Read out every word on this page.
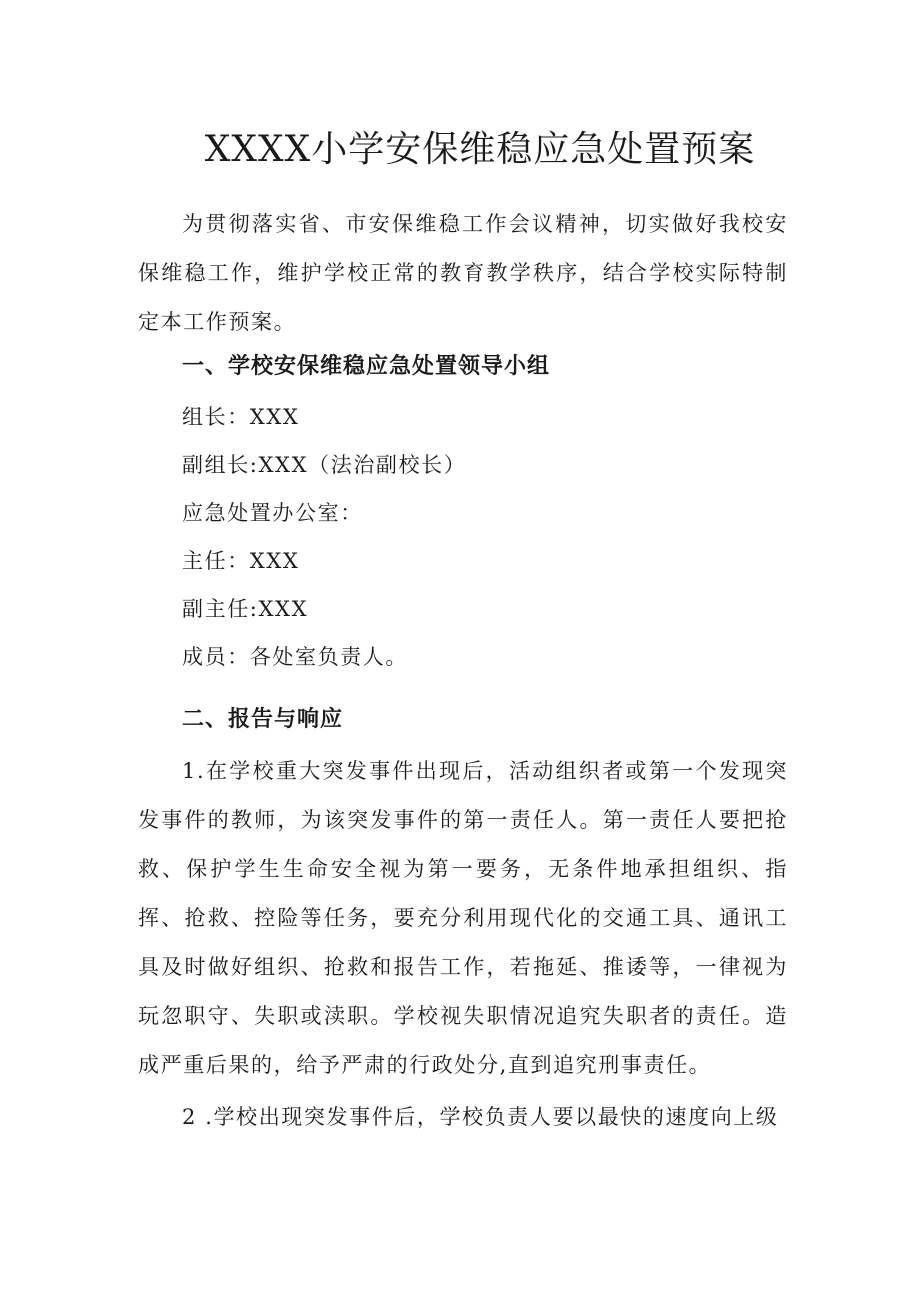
XXXX小学安保维稳应急处置预案

为贯彻落实省、市安保维稳工作会议精神，切实做好我校安保维稳工作，维护学校正常的教育教学秩序，结合学校实际特制定本工作预案。

一、学校安保维稳应急处置领导小组

组长：XXX

副组长:XXX（法治副校长）

应急处置办公室：

主任：XXX

副主任:XXX

成员：各处室负责人。

二、报告与响应

1.在学校重大突发事件出现后，活动组织者或第一个发现突发事件的教师，为该突发事件的第一责任人。第一责任人要把抢救、保护学生生命安全视为第一要务，无条件地承担组织、指挥、抢救、控险等任务，要充分利用现代化的交通工具、通讯工具及时做好组织、抢救和报告工作，若拖延、推诿等，一律视为玩忽职守、失职或渎职。学校视失职情况追究失职者的责任。造成严重后果的，给予严肃的行政处分,直到追究刑事责任。

2 .学校出现突发事件后，学校负责人要以最快的速度向上级
